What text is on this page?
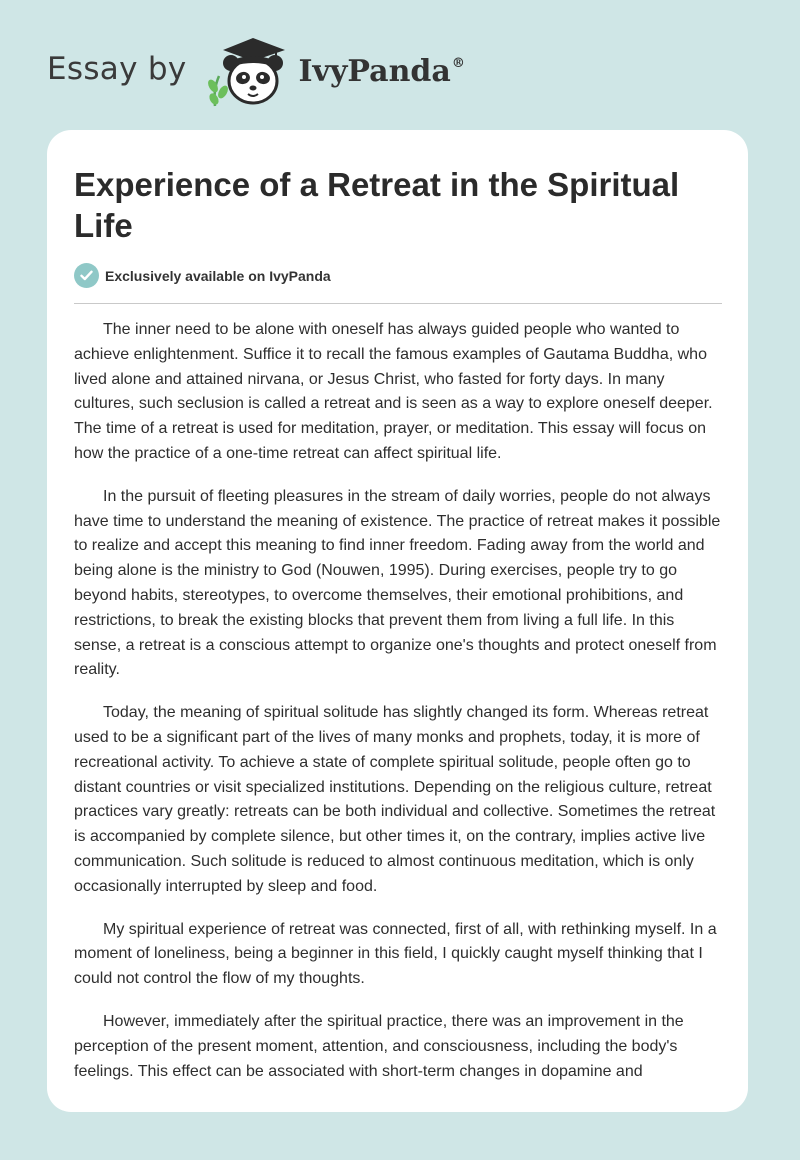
Essay by	IvyPanda®
Experience of a Retreat in the Spiritual Life
Exclusively available on IvyPanda

The inner need to be alone with oneself has always guided people who wanted to achieve enlightenment. Suffice it to recall the famous examples of Gautama Buddha, who lived alone and attained nirvana, or Jesus Christ, who fasted for forty days. In many cultures, such seclusion is called a retreat and is seen as a way to explore oneself deeper. The time of a retreat is used for meditation, prayer, or meditation. This essay will focus on how the practice of a one-time retreat can affect spiritual life.

In the pursuit of fleeting pleasures in the stream of daily worries, people do not always have time to understand the meaning of existence. The practice of retreat makes it possible to realize and accept this meaning to find inner freedom. Fading away from the world and being alone is the ministry to God (Nouwen, 1995). During exercises, people try to go beyond habits, stereotypes, to overcome themselves, their emotional prohibitions, and restrictions, to break the existing blocks that prevent them from living a full life. In this sense, a retreat is a conscious attempt to organize one's thoughts and protect oneself from reality.

Today, the meaning of spiritual solitude has slightly changed its form. Whereas retreat used to be a significant part of the lives of many monks and prophets, today, it is more of recreational activity. To achieve a state of complete spiritual solitude, people often go to distant countries or visit specialized institutions. Depending on the religious culture, retreat practices vary greatly: retreats can be both individual and collective. Sometimes the retreat is accompanied by complete silence, but other times it, on the contrary, implies active live communication. Such solitude is reduced to almost continuous meditation, which is only occasionally interrupted by sleep and food.

My spiritual experience of retreat was connected, first of all, with rethinking myself. In a moment of loneliness, being a beginner in this field, I quickly caught myself thinking that I could not control the flow of my thoughts.

However, immediately after the spiritual practice, there was an improvement in the perception of the present moment, attention, and consciousness, including the body's feelings. This effect can be associated with short-term changes in dopamine and
